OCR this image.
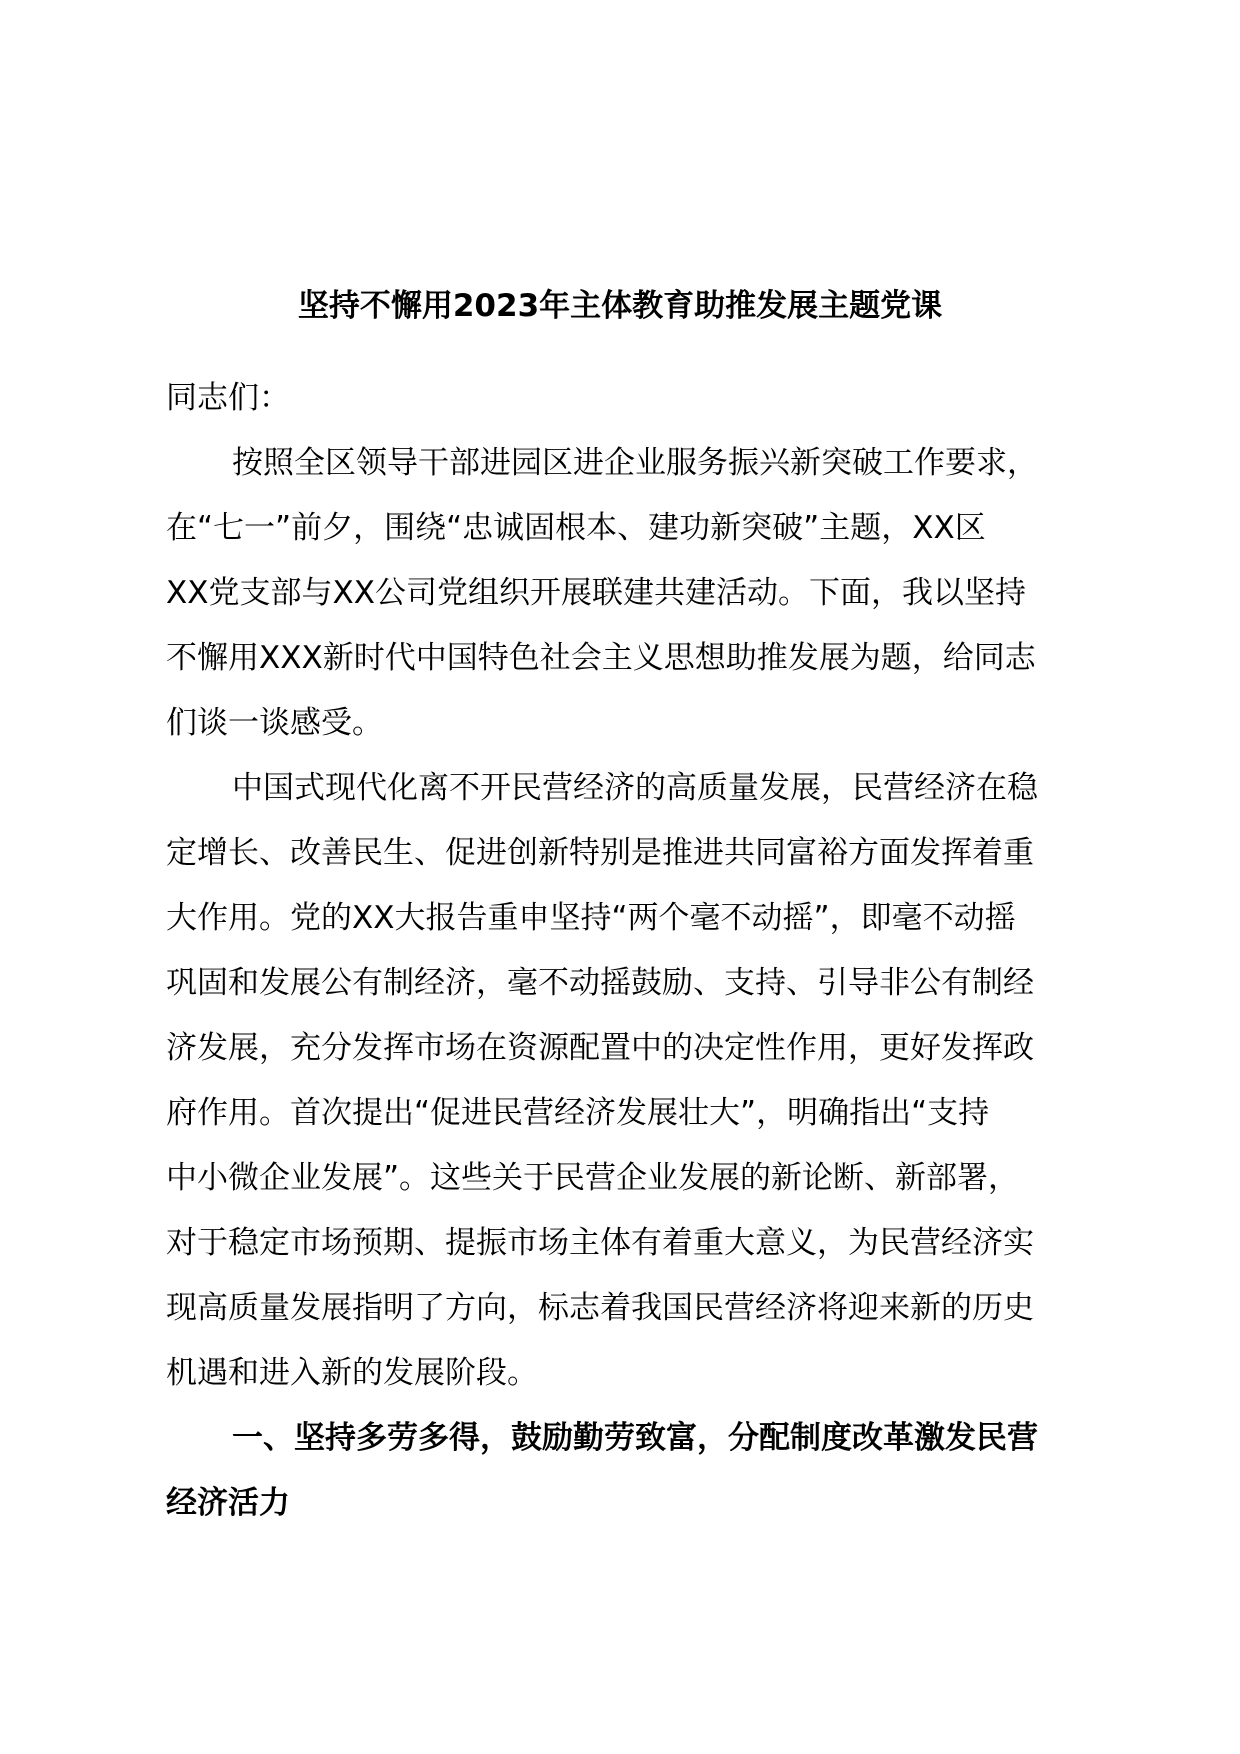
坚持不懈用2023年主体教育助推发展主题党课
同志们：
按照全区领导干部进园区进企业服务振兴新突破工作要求，
在“七一”前夕，围绕“忠诚固根本、建功新突破”主题，XX区
XX党支部与XX公司党组织开展联建共建活动。下面，我以坚持
不懈用XXX新时代中国特色社会主义思想助推发展为题，给同志
们谈一谈感受。
中国式现代化离不开民营经济的高质量发展，民营经济在稳
定增长、改善民生、促进创新特别是推进共同富裕方面发挥着重
大作用。党的XX大报告重申坚持“两个毫不动摇”，即毫不动摇
巩固和发展公有制经济，毫不动摇鼓励、支持、引导非公有制经
济发展，充分发挥市场在资源配置中的决定性作用，更好发挥政
府作用。首次提出“促进民营经济发展壮大”，明确指出“支持
中小微企业发展”。这些关于民营企业发展的新论断、新部署，
对于稳定市场预期、提振市场主体有着重大意义，为民营经济实
现高质量发展指明了方向，标志着我国民营经济将迎来新的历史
机遇和进入新的发展阶段。
一、坚持多劳多得，鼓励勤劳致富，分配制度改革激发民营
经济活力
